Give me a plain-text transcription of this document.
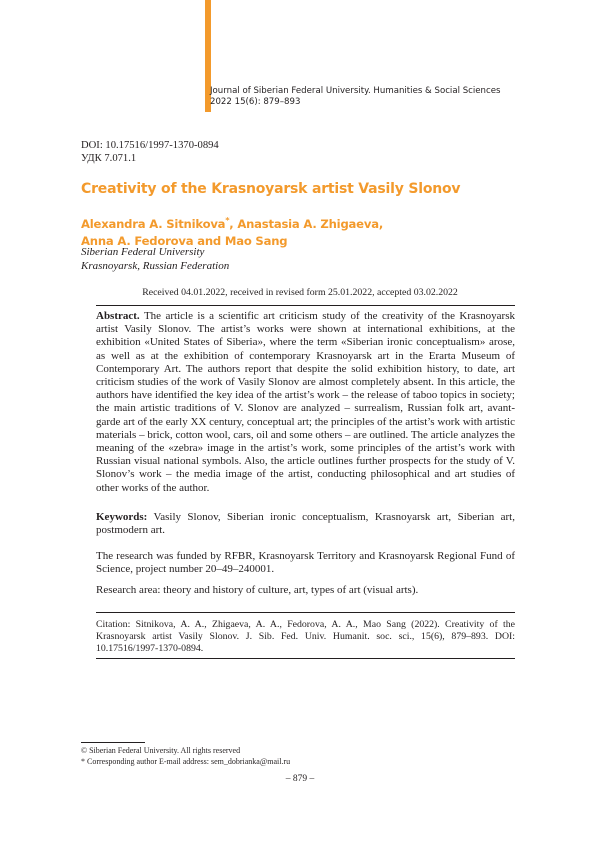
Journal of Siberian Federal University. Humanities & Social Sciences
2022 15(6): 879–893
DOI: 10.17516/1997-1370-0894
УДК 7.071.1
Creativity of the Krasnoyarsk artist Vasily Slonov
Alexandra A. Sitnikova*, Anastasia A. Zhigaeva,
Anna A. Fedorova and Mao Sang
Siberian Federal University
Krasnoyarsk, Russian Federation
Received 04.01.2022, received in revised form 25.01.2022, accepted 03.02.2022
Abstract. The article is a scientific art criticism study of the creativity of the Krasnoyarsk artist Vasily Slonov. The artist’s works were shown at international exhibitions, at the exhibition «United States of Siberia», where the term «Siberian ironic conceptualism» arose, as well as at the exhibition of contemporary Krasnoyarsk art in the Erarta Museum of Contemporary Art. The authors report that despite the solid exhibition history, to date, art criticism studies of the work of Vasily Slonov are almost completely absent. In this article, the authors have identified the key idea of the artist’s work – the release of taboo topics in society; the main artistic traditions of V. Slonov are analyzed – surrealism, Russian folk art, avant-garde art of the early XX century, conceptual art; the principles of the artist’s work with artistic materials – brick, cotton wool, cars, oil and some others – are outlined. The article analyzes the meaning of the «zebra» image in the artist’s work, some principles of the artist’s work with Russian visual national symbols. Also, the article outlines further prospects for the study of V. Slonov’s work – the media image of the artist, conducting philosophical and art studies of other works of the author.
Keywords: Vasily Slonov, Siberian ironic conceptualism, Krasnoyarsk art, Siberian art, postmodern art.
The research was funded by RFBR, Krasnoyarsk Territory and Krasnoyarsk Regional Fund of Science, project number 20–49–240001.
Research area: theory and history of culture, art, types of art (visual arts).
Citation: Sitnikova, A. A., Zhigaeva, A. A., Fedorova, A. A., Mao Sang (2022). Creativity of the Krasnoyarsk artist Vasily Slonov. J. Sib. Fed. Univ. Humanit. soc. sci., 15(6), 879–893. DOI: 10.17516/1997-1370-0894.
© Siberian Federal University. All rights reserved
* Corresponding author E-mail address: sem_dobrianka@mail.ru
– 879 –
